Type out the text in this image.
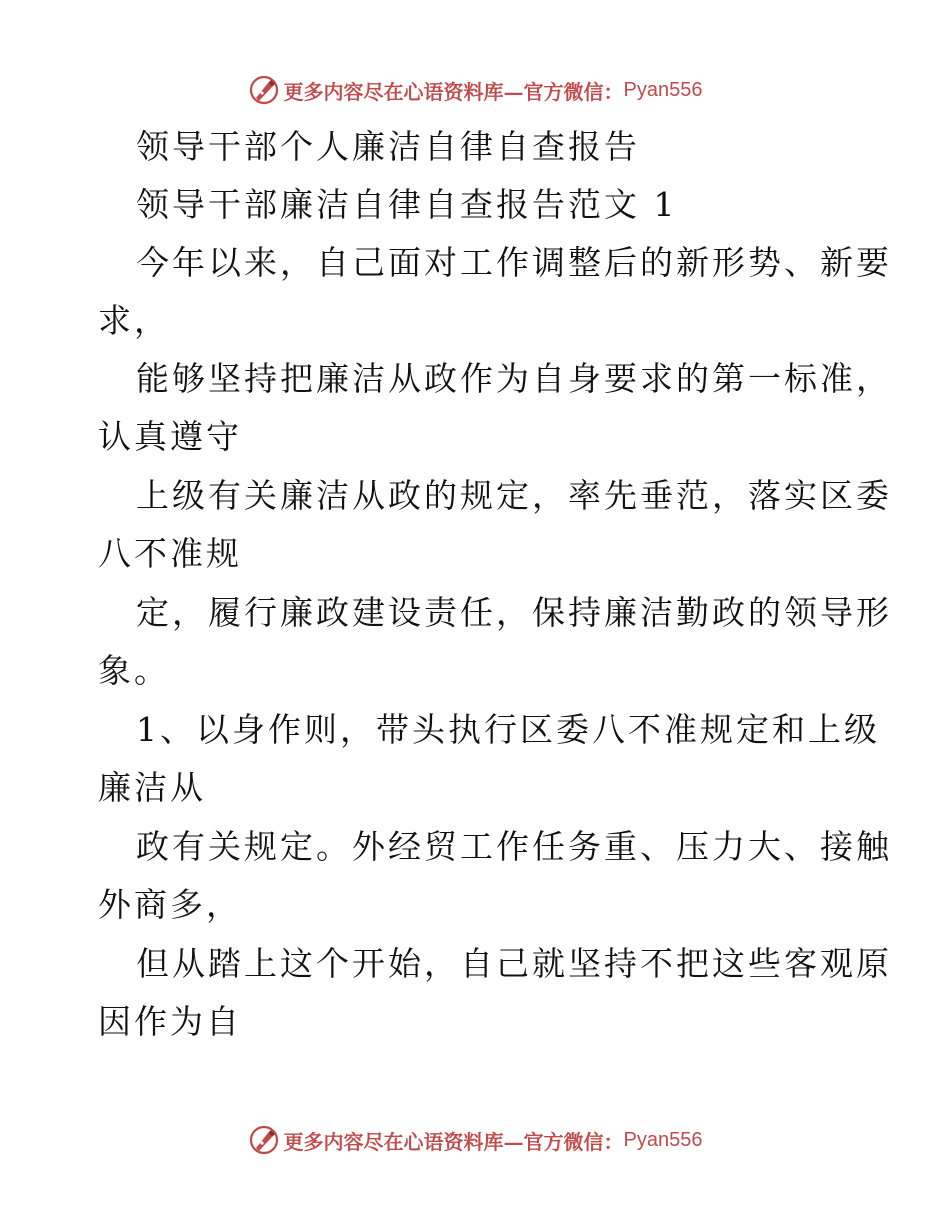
更多内容尽在心语资料库—官方微信： Pyan556
领导干部个人廉洁自律自查报告
领导干部廉洁自律自查报告范文 1
今年以来，自己面对工作调整后的新形势、新要
求，
能够坚持把廉洁从政作为自身要求的第一标准，
认真遵守
上级有关廉洁从政的规定，率先垂范，落实区委
八不准规
定，履行廉政建设责任，保持廉洁勤政的领导形
象。
1、以身作则，带头执行区委八不准规定和上级
廉洁从
政有关规定。外经贸工作任务重、压力大、接触
外商多，
但从踏上这个开始，自己就坚持不把这些客观原
因作为自
更多内容尽在心语资料库—官方微信： Pyan556
